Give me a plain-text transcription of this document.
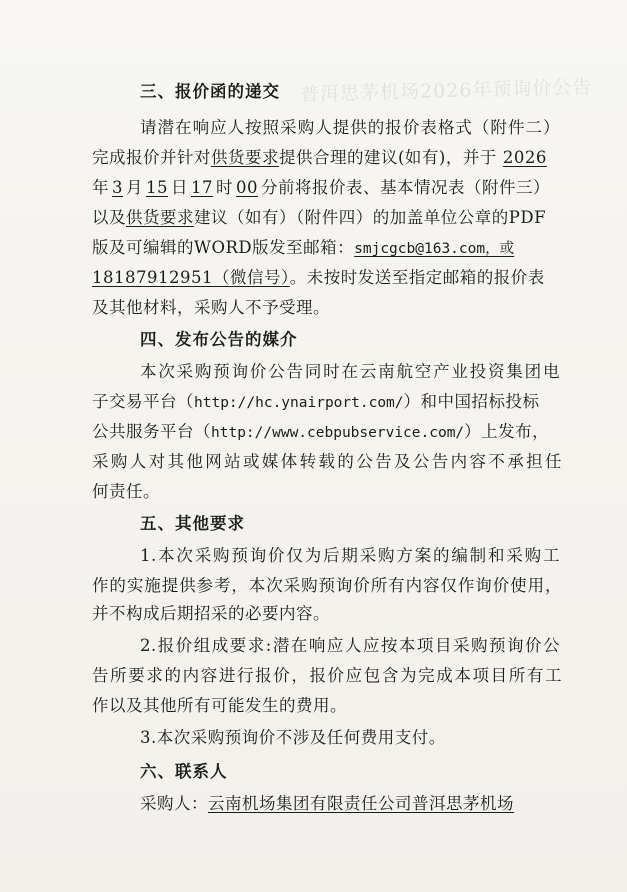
普洱思茅机场2026年预询价公告
三、报价函的递交
请潜在响应人按照采购人提供的报价表格式（附件二）
完成报价并针对供货要求提供合理的建议(如有)，并于 2026
年 3 月 15 日 17 时 00 分前将报价表、基本情况表（附件三）
以及供货要求建议（如有）（附件四）的加盖单位公章的PDF
版及可编辑的WORD版发至邮箱：smjcgcb@163.com，或
18187912951（微信号）。未按时发送至指定邮箱的报价表
及其他材料，采购人不予受理。
四、发布公告的媒介
本次采购预询价公告同时在云南航空产业投资集团电
子交易平台（http://hc.ynairport.com/）和中国招标投标
公共服务平台（http://www.cebpubservice.com/）上发布，
采购人对其他网站或媒体转载的公告及公告内容不承担任
何责任。
五、其他要求
1.本次采购预询价仅为后期采购方案的编制和采购工
作的实施提供参考，本次采购预询价所有内容仅作询价使用，
并不构成后期招采的必要内容。
2.报价组成要求:潜在响应人应按本项目采购预询价公
告所要求的内容进行报价，报价应包含为完成本项目所有工
作以及其他所有可能发生的费用。
3.本次采购预询价不涉及任何费用支付。
六、联系人
采购人：云南机场集团有限责任公司普洱思茅机场
